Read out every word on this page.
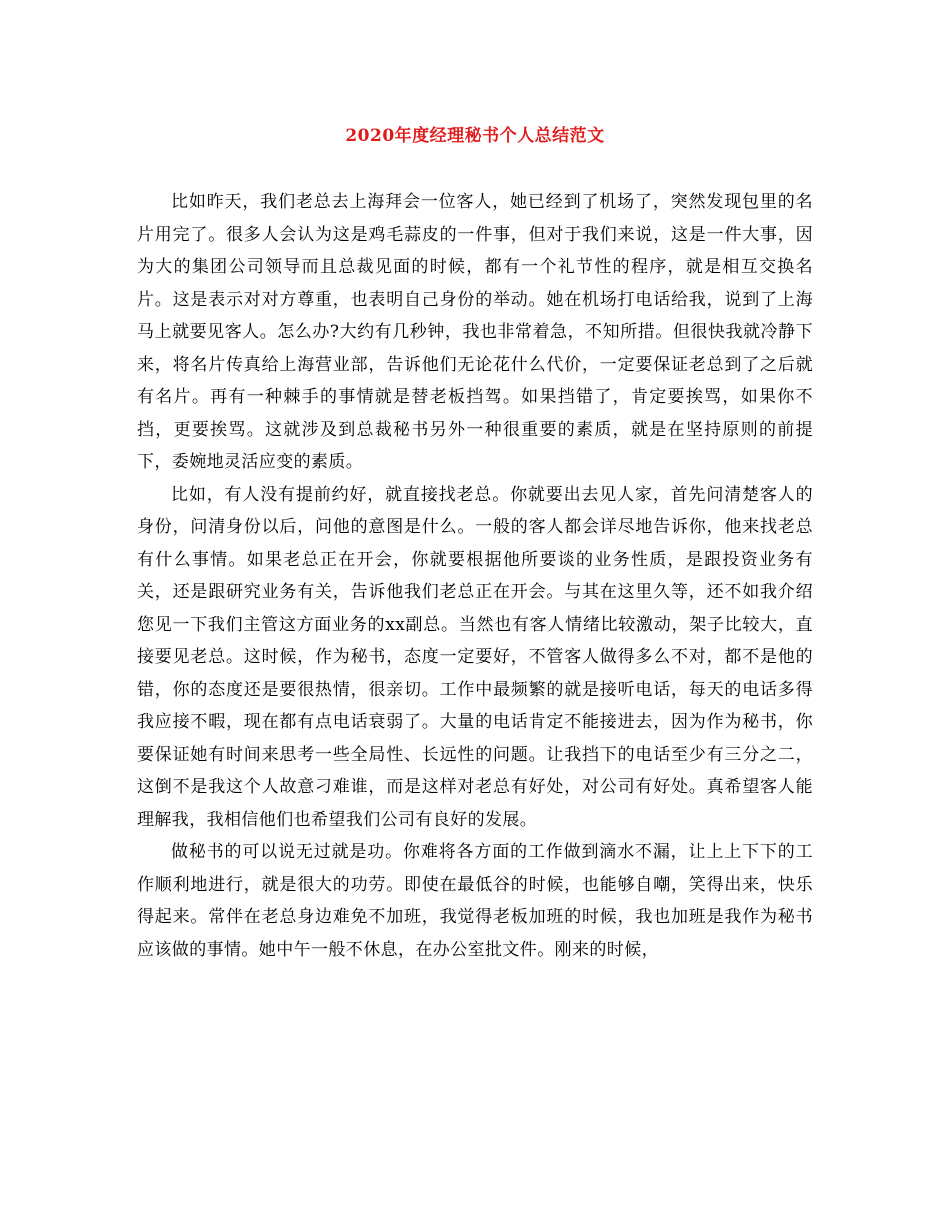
2020年度经理秘书个人总结范文

比如昨天，我们老总去上海拜会一位客人，她已经到了机场了，突然发现包里的名片用完了。很多人会认为这是鸡毛蒜皮的一件事，但对于我们来说，这是一件大事，因为大的集团公司领导而且总裁见面的时候，都有一个礼节性的程序，就是相互交换名片。这是表示对对方尊重，也表明自己身份的举动。她在机场打电话给我，说到了上海马上就要见客人。怎么办?大约有几秒钟，我也非常着急，不知所措。但很快我就冷静下来，将名片传真给上海营业部，告诉他们无论花什么代价，一定要保证老总到了之后就有名片。再有一种棘手的事情就是替老板挡驾。如果挡错了，肯定要挨骂，如果你不挡，更要挨骂。这就涉及到总裁秘书另外一种很重要的素质，就是在坚持原则的前提下，委婉地灵活应变的素质。

比如，有人没有提前约好，就直接找老总。你就要出去见人家，首先问清楚客人的身份，问清身份以后，问他的意图是什么。一般的客人都会详尽地告诉你，他来找老总有什么事情。如果老总正在开会，你就要根据他所要谈的业务性质，是跟投资业务有关，还是跟研究业务有关，告诉他我们老总正在开会。与其在这里久等，还不如我介绍您见一下我们主管这方面业务的xx副总。当然也有客人情绪比较激动，架子比较大，直接要见老总。这时候，作为秘书，态度一定要好，不管客人做得多么不对，都不是他的错，你的态度还是要很热情，很亲切。工作中最频繁的就是接听电话，每天的电话多得我应接不暇，现在都有点电话衰弱了。大量的电话肯定不能接进去，因为作为秘书，你要保证她有时间来思考一些全局性、长远性的问题。让我挡下的电话至少有三分之二，这倒不是我这个人故意刁难谁，而是这样对老总有好处，对公司有好处。真希望客人能理解我，我相信他们也希望我们公司有良好的发展。

做秘书的可以说无过就是功。你难将各方面的工作做到滴水不漏，让上上下下的工作顺利地进行，就是很大的功劳。即使在最低谷的时候，也能够自嘲，笑得出来，快乐得起来。常伴在老总身边难免不加班，我觉得老板加班的时候，我也加班是我作为秘书应该做的事情。她中午一般不休息，在办公室批文件。刚来的时候，
